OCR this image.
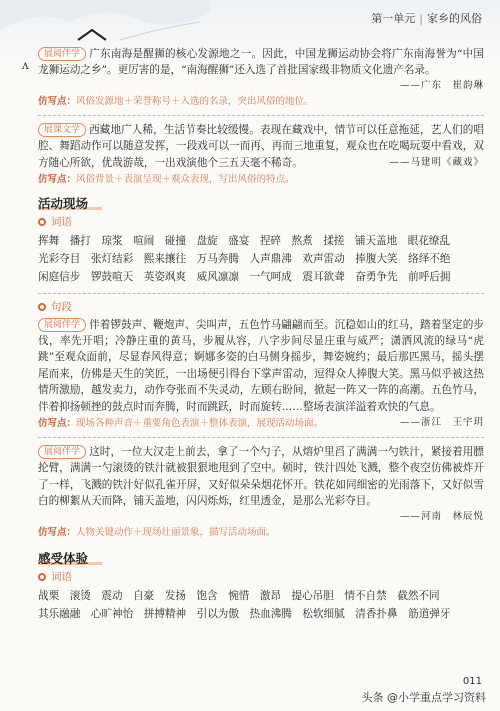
第一单元 | 家乡的风俗
ʌ

展阅伴学 广东南海是醒狮的核心发源地之一。因此，中国龙狮运动协会将广东南海誉为“中国龙狮运动之乡”。更厉害的是，“南海醒狮”还入选了首批国家级非物质文化遗产名录。

——广东　崔韵琳

仿写点：风俗发源地＋荣誉称号＋入选的名录，突出风俗的地位。

展课文学 西藏地广人稀，生活节奏比较缓慢。表现在藏戏中，情节可以任意拖延，艺人们的唱腔、舞蹈动作可以随意发挥，一段戏可以一而再、再而三地重复，观众也在吃喝玩耍中看戏，双方随心所欲，优哉游哉，一出戏演他个三五天毫不稀奇。	——马建明《藏戏》

仿写点：风俗背景＋表演呈现＋观众表现，写出风俗的特点。

活动现场

词语

挥舞 播打 琼浆 喧闹 碰撞 盘旋 盛宴 捏碎 熬煮 揉搓 铺天盖地 眼花缭乱光彩夺目 张灯结彩 熙来攘往 万马奔腾 人声鼎沸 欢声雷动 捧腹大笑 络绎不绝闲庭信步 锣鼓喧天 英姿飒爽 威风凛凛 一气呵成 震耳欲聋 奋勇争先 前呼后拥

句段

展阅伴学 伴着锣鼓声、鞭炮声、尖叫声，五色竹马翩翩而至。沉稳如山的红马，踏着坚定的步伐，率先开唱；冷静庄重的黄马，步履从容，八字步间尽显庄重与威严；潇洒风流的绿马“虎跳”至观众面前，尽显春风得意；婀娜多姿的白马侧身摇步，舞姿婉约；最后那匹黑马，摇头摆尾而来，仿佛是天生的笑匠，一出场便引得台下掌声雷动，逗得众人捧腹大笑。黑马似乎被这热情所激励，越发卖力，动作夸张而不失灵动，左顾右盼间，掀起一阵又一阵的高潮。五色竹马，伴着抑扬顿挫的鼓点时而奔腾，时而跳跃，时而旋转……整场表演洋溢着欢快的气息。
——浙江　王宇玥

仿写点：现场各种声音＋重要角色表演＋整体表演，展现活动场面。

展阅伴学 这时，一位大汉走上前去，拿了一个勺子，从熔炉里舀了满满一勺铁汁，紧接着用膘抡臂，满满一勺滚烫的铁汁就被狠狠地甩到了空中。顿时，铁汁四处飞溅，整个夜空仿佛被炸开了一样，飞溅的铁汁好似孔雀开屏，又好似朵朵烟花怀开。铁花如同细密的光雨落下，又好似雪白的柳絮从天而降，铺天盖地，闪闪烁烁，红里透金，是那么光彩夺目。

——河南　林辰悦

仿写点：人物关键动作＋现场壮丽景象，描写活动场面。

感受体验

词语

战栗 滚烫 震动 自豪 发扬 饱含 惋惜 激昂 提心吊胆 情不自禁 截然不同其乐融融 心旷神怡 拼搏精神 引以为傲 热血沸腾 松软细腻 清香扑鼻 筋道弹牙

011
头条 @小学重点学习资料
